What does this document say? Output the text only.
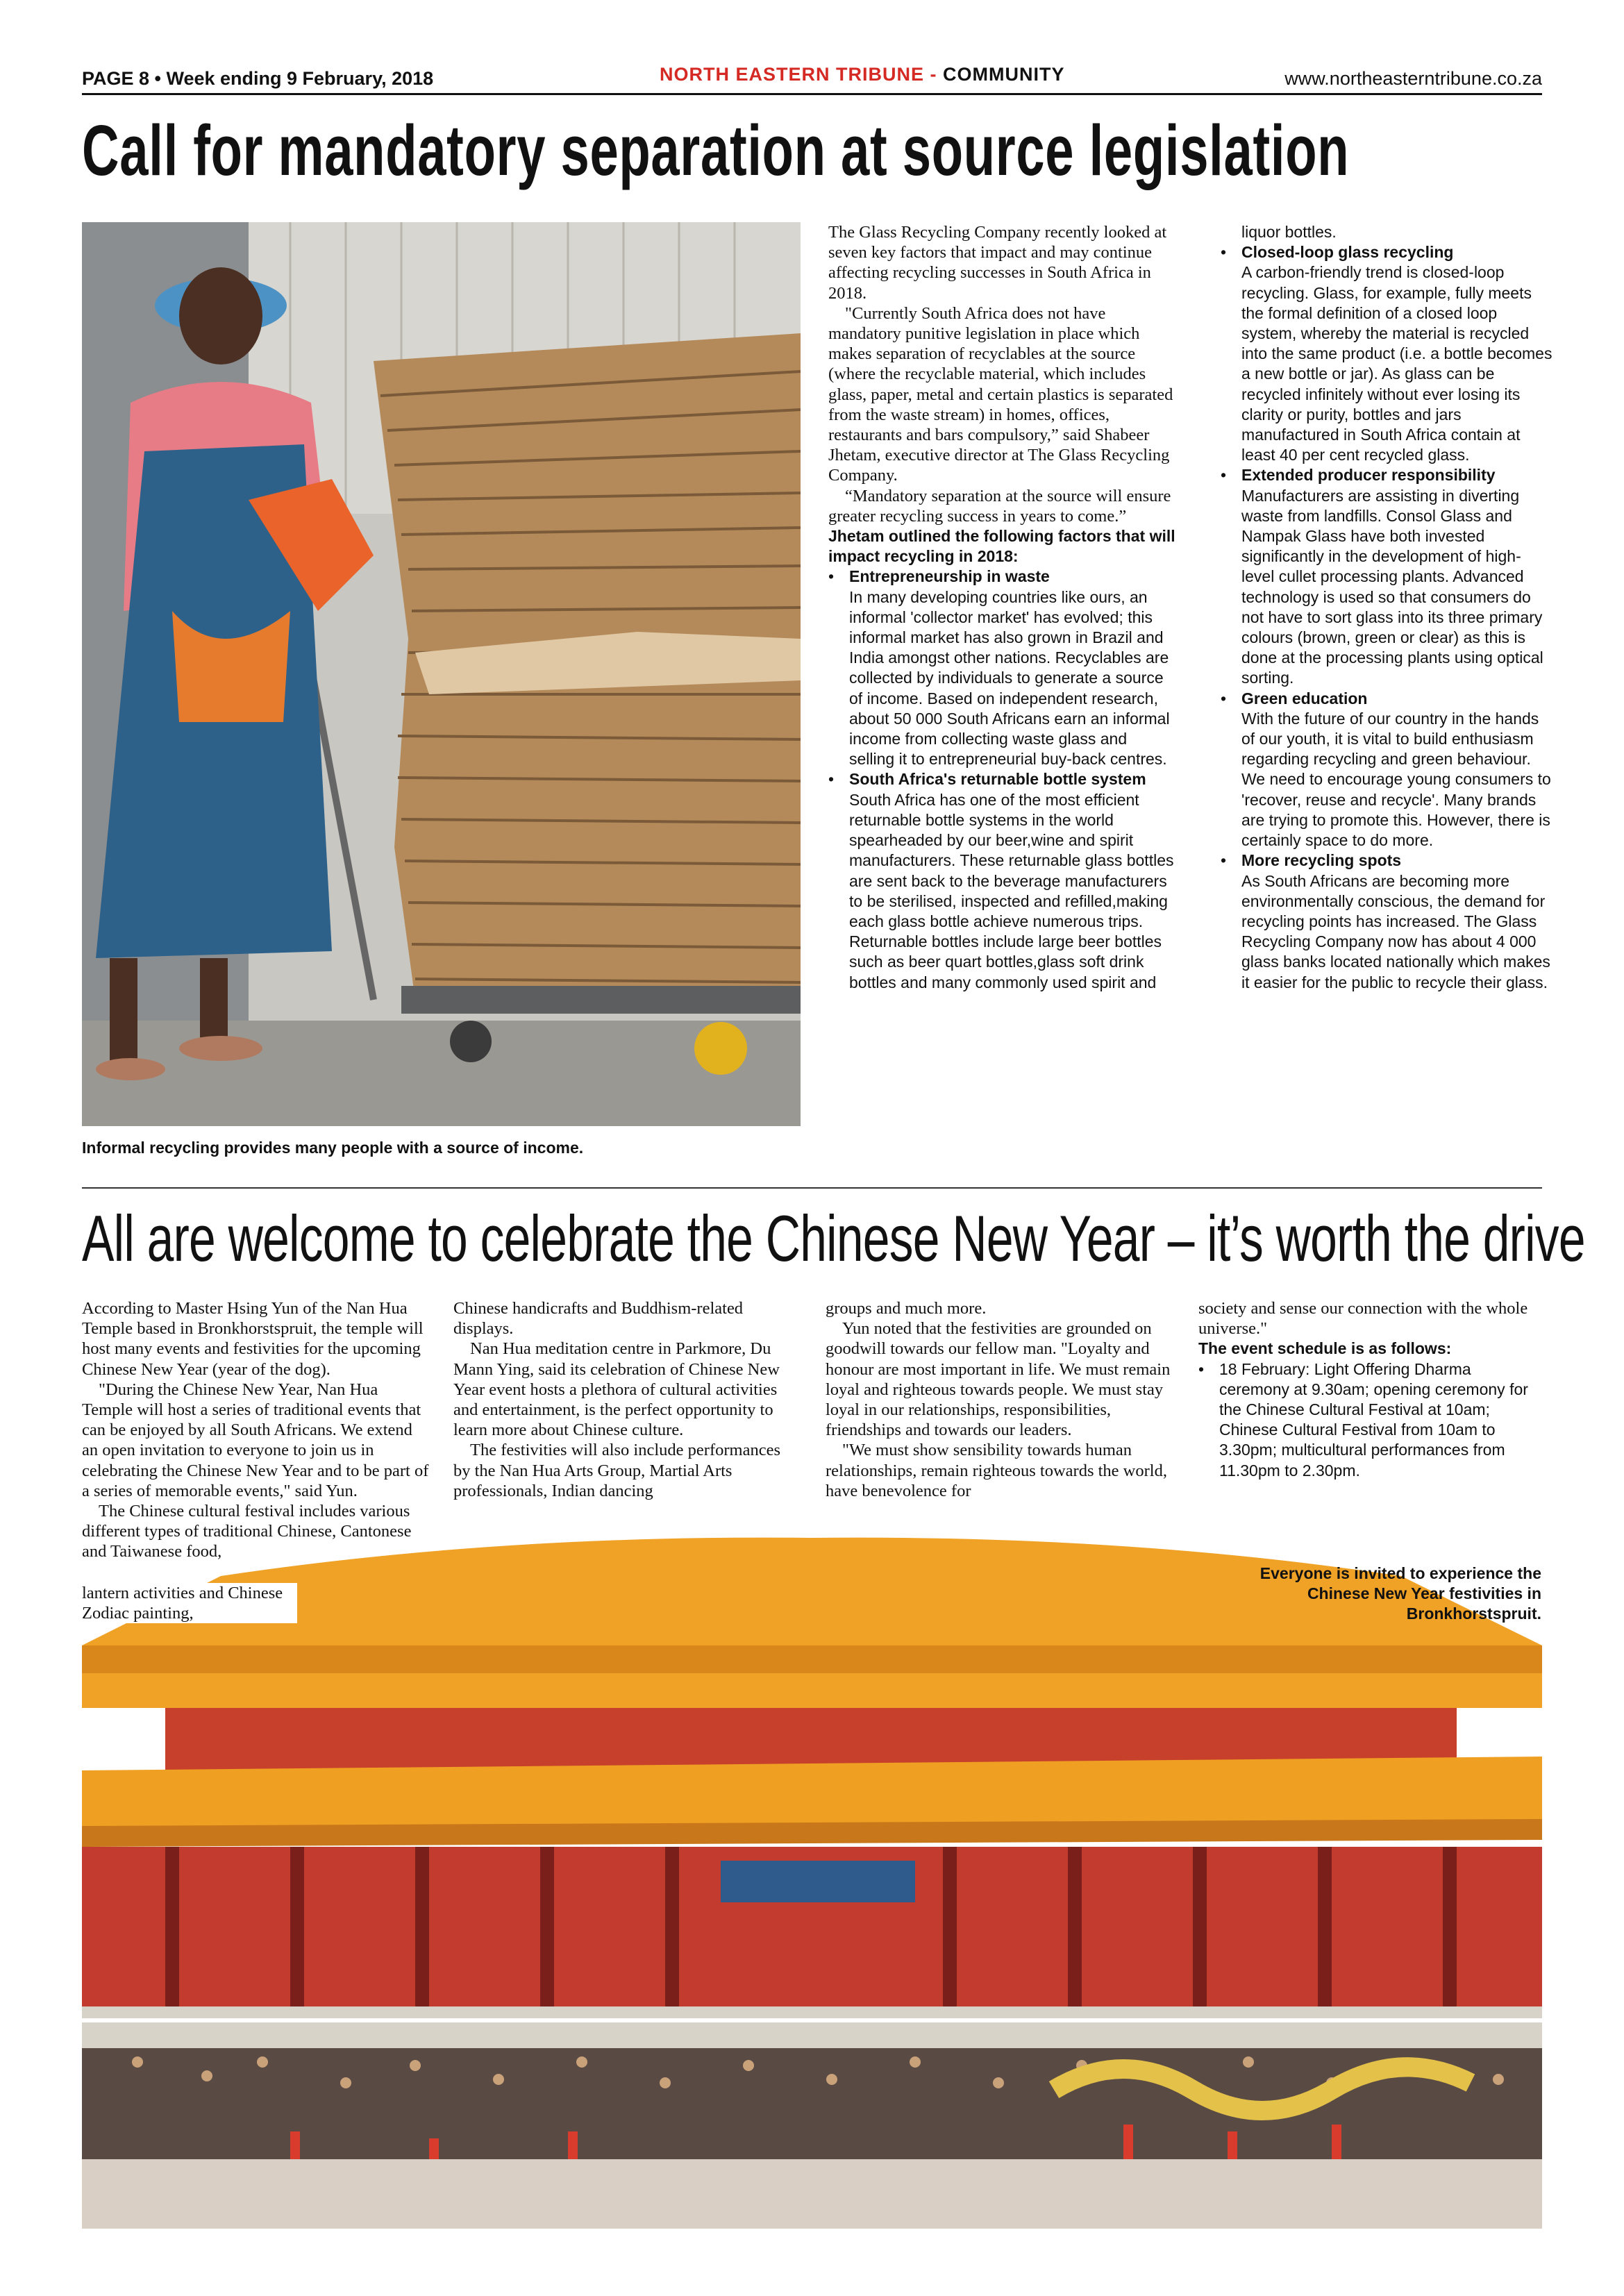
PAGE 8 • Week ending 9 February, 2018	NORTH EASTERN TRIBUNE - COMMUNITY	www.northeasterntribune.co.za
Call for mandatory separation at source legislation
Informal recycling provides many people with a source of income.

The Glass Recycling Company recently looked at seven key factors that impact and may continue affecting recycling successes in South Africa in 2018.

"Currently South Africa does not have mandatory punitive legislation in place which makes separation of recyclables at the source (where the recyclable material, which includes glass, paper, metal and certain plastics is separated from the waste stream) in homes, offices, restaurants and bars compulsory,” said Shabeer Jhetam, executive director at The Glass Recycling Company.

“Mandatory separation at the source will ensure greater recycling success in years to come.”

Jhetam outlined the following factors that will impact recycling in 2018:

• Entrepreneurship in waste
In many developing countries like ours, an informal 'collector market' has evolved; this informal market has also grown in Brazil and India amongst other nations. Recyclables are collected by individuals to generate a source of income. Based on independent research, about 50 000 South Africans earn an informal income from collecting waste glass and selling it to entrepreneurial buy-back centres.
• South Africa's returnable bottle system
South Africa has one of the most efficient returnable bottle systems in the world spearheaded by our beer,wine and spirit manufacturers. These returnable glass bottles are sent back to the beverage manufacturers to be sterilised, inspected and refilled,making each glass bottle achieve numerous trips. Returnable bottles include large beer bottles such as beer quart bottles,glass soft drink bottles and many commonly used spirit and

liquor bottles.

• Closed-loop glass recycling
A carbon-friendly trend is closed-loop recycling. Glass, for example, fully meets the formal definition of a closed loop system, whereby the material is recycled into the same product (i.e. a bottle becomes a new bottle or jar). As glass can be recycled infinitely without ever losing its clarity or purity, bottles and jars manufactured in South Africa contain at least 40 per cent recycled glass.
• Extended producer responsibility
Manufacturers are assisting in diverting waste from landfills. Consol Glass and Nampak Glass have both invested significantly in the development of high-level cullet processing plants. Advanced technology is used so that consumers do not have to sort glass into its three primary colours (brown, green or clear) as this is done at the processing plants using optical sorting.
• Green education
With the future of our country in the hands of our youth, it is vital to build enthusiasm regarding recycling and green behaviour. We need to encourage young consumers to 'recover, reuse and recycle'. Many brands are trying to promote this. However, there is certainly space to do more.
• More recycling spots
As South Africans are becoming more environmentally conscious, the demand for recycling points has increased. The Glass Recycling Company now has about 4 000 glass banks located nationally which makes it easier for the public to recycle their glass.
All are welcome to celebrate the Chinese New Year – it’s worth the drive

According to Master Hsing Yun of the Nan Hua Temple based in Bronkhorstspruit, the temple will host many events and festivities for the upcoming Chinese New Year (year of the dog).

"During the Chinese New Year, Nan Hua Temple will host a series of traditional events that can be enjoyed by all South Africans. We extend an open invitation to everyone to join us in celebrating the Chinese New Year and to be part of a series of memorable events," said Yun.

The Chinese cultural festival includes various different types of traditional Chinese, Cantonese and Taiwanese food,

lantern activities and Chinese Zodiac painting,

Chinese handicrafts and Buddhism-related displays.

Nan Hua meditation centre in Parkmore, Du Mann Ying, said its celebration of Chinese New Year event hosts a plethora of cultural activities and entertainment, is the perfect opportunity to learn more about Chinese culture.

The festivities will also include performances by the Nan Hua Arts Group, Martial Arts professionals, Indian dancing

groups and much more.

Yun noted that the festivities are grounded on goodwill towards our fellow man. "Loyalty and honour are most important in life. We must remain loyal and righteous towards people. We must stay loyal in our relationships, responsibilities, friendships and towards our leaders.

"We must show sensibility towards human relationships, remain righteous towards the world, have benevolence for

society and sense our connection with the whole universe."

The event schedule is as follows:

• 18 February: Light Offering Dharma ceremony at 9.30am; opening ceremony for the Chinese Cultural Festival at 10am; Chinese Cultural Festival from 10am to 3.30pm; multicultural performances from 11.30pm to 2.30pm.
Everyone is invited to experience the Chinese New Year festivities in Bronkhorstspruit.
